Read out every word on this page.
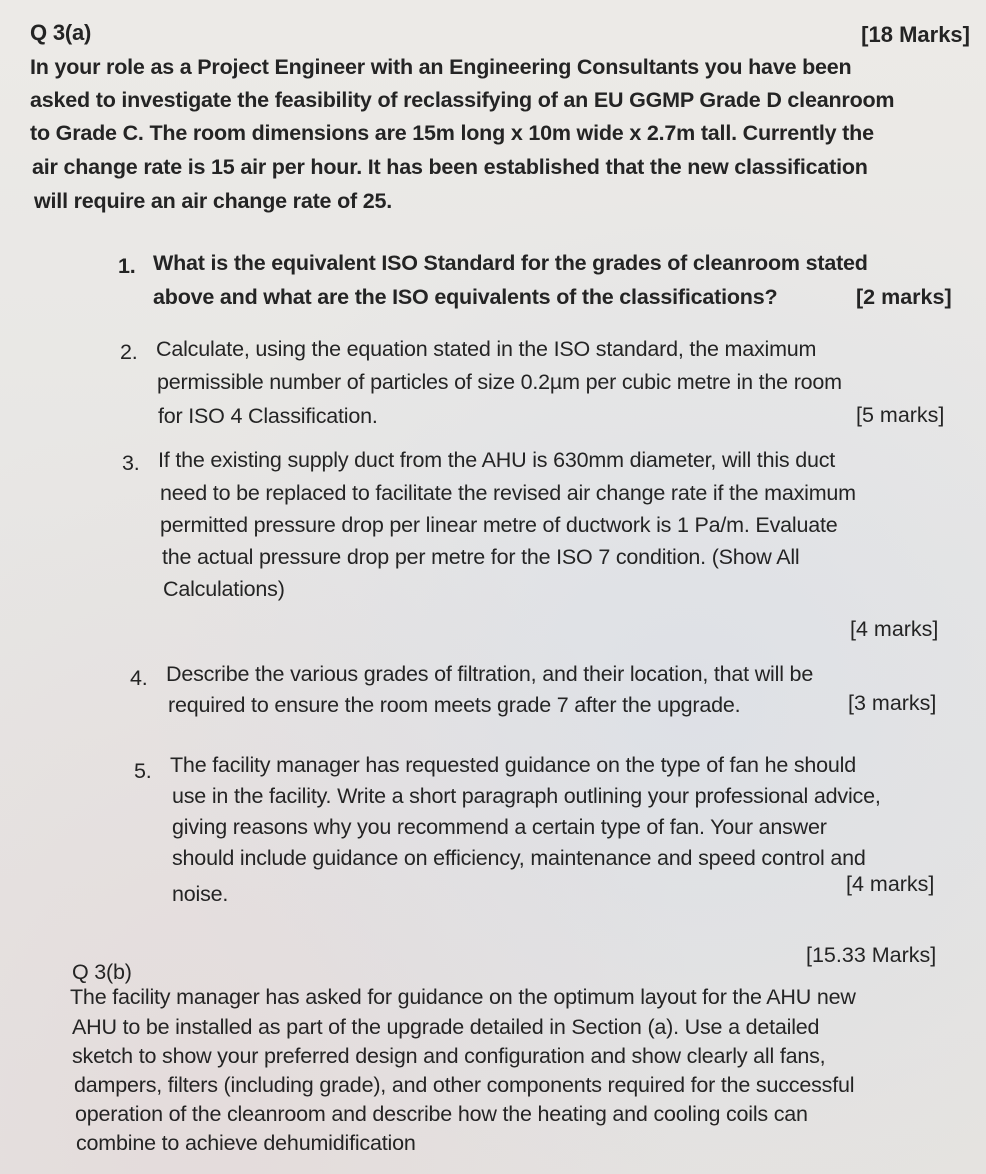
Q 3(a)	[18 Marks]
In your role as a Project Engineer with an Engineering Consultants you have been
asked to investigate the feasibility of reclassifying of an EU GGMP Grade D cleanroom
to Grade C. The room dimensions are 15m long x 10m wide x 2.7m tall. Currently the
air change rate is 15 air per hour. It has been established that the new classification
will require an air change rate of 25.
1. What is the equivalent ISO Standard for the grades of cleanroom stated
above and what are the ISO equivalents of the classifications?	[2 marks]
2. Calculate, using the equation stated in the ISO standard, the maximum
permissible number of particles of size 0.2µm per cubic metre in the room
for ISO 4 Classification.	[5 marks]
3. If the existing supply duct from the AHU is 630mm diameter, will this duct
need to be replaced to facilitate the revised air change rate if the maximum
permitted pressure drop per linear metre of ductwork is 1 Pa/m. Evaluate
the actual pressure drop per metre for the ISO 7 condition. (Show All
Calculations)
[4 marks]
4. Describe the various grades of filtration, and their location, that will be
required to ensure the room meets grade 7 after the upgrade.	[3 marks]
5. The facility manager has requested guidance on the type of fan he should
use in the facility. Write a short paragraph outlining your professional advice,
giving reasons why you recommend a certain type of fan. Your answer
should include guidance on efficiency, maintenance and speed control and
noise.	[4 marks]
Q 3(b)
[15.33 Marks]
The facility manager has asked for guidance on the optimum layout for the AHU new
AHU to be installed as part of the upgrade detailed in Section (a). Use a detailed
sketch to show your preferred design and configuration and show clearly all fans,
dampers, filters (including grade), and other components required for the successful
operation of the cleanroom and describe how the heating and cooling coils can
combine to achieve dehumidification
